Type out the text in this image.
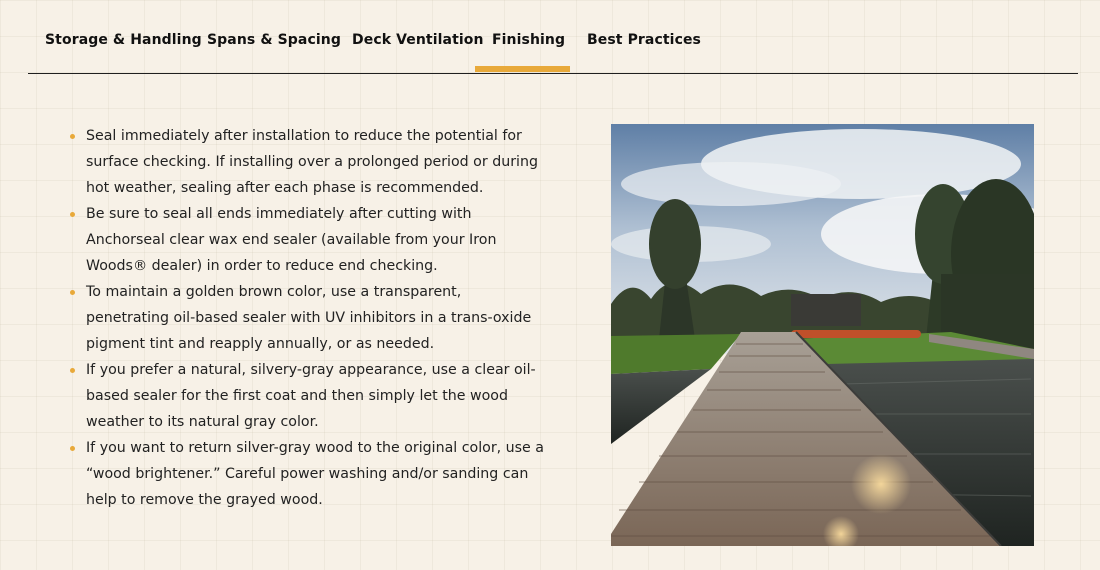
Storage & Handling Spans & Spacing Deck Ventilation Finishing Best Practices
Seal immediately after installation to reduce the potential for surface checking. If installing over a prolonged period or during hot weather, sealing after each phase is recommended.
Be sure to seal all ends immediately after cutting with Anchorseal clear wax end sealer (available from your Iron Woods® dealer) in order to reduce end checking.
To maintain a golden brown color, use a transparent, penetrating oil-based sealer with UV inhibitors in a trans-oxide pigment tint and reapply annually, or as needed.
If you prefer a natural, silvery-gray appearance, use a clear oil-based sealer for the first coat and then simply let the wood weather to its natural gray color.
If you want to return silver-gray wood to the original color, use a “wood brightener.” Careful power washing and/or sanding can help to remove the grayed wood.
